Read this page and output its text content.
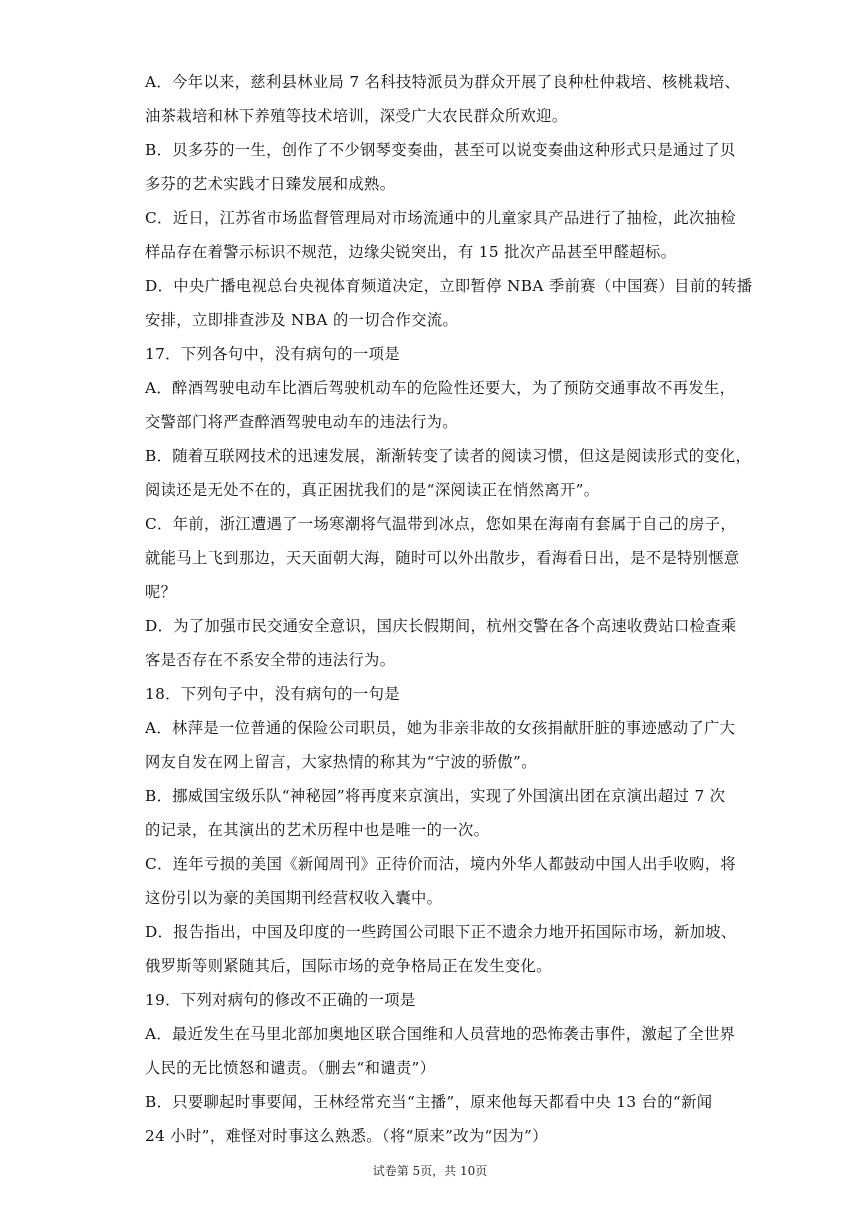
A．今年以来，慈利县林业局 7 名科技特派员为群众开展了良种杜仲栽培、核桃栽培、
油茶栽培和林下养殖等技术培训，深受广大农民群众所欢迎。
B．贝多芬的一生，创作了不少钢琴变奏曲，甚至可以说变奏曲这种形式只是通过了贝
多芬的艺术实践才日臻发展和成熟。
C．近日，江苏省市场监督管理局对市场流通中的儿童家具产品进行了抽检，此次抽检
样品存在着警示标识不规范，边缘尖锐突出，有 15 批次产品甚至甲醛超标。
D．中央广播电视总台央视体育频道决定，立即暂停 NBA 季前赛（中国赛）目前的转播
安排，立即排查涉及 NBA 的一切合作交流。
17．下列各句中，没有病句的一项是
A．醉酒驾驶电动车比酒后驾驶机动车的危险性还要大，为了预防交通事故不再发生，
交警部门将严查醉酒驾驶电动车的违法行为。
B．随着互联网技术的迅速发展，渐渐转变了读者的阅读习惯，但这是阅读形式的变化，
阅读还是无处不在的，真正困扰我们的是“深阅读正在悄然离开”。
C．年前，浙江遭遇了一场寒潮将气温带到冰点，您如果在海南有套属于自己的房子，
就能马上飞到那边，天天面朝大海，随时可以外出散步，看海看日出，是不是特别惬意
呢？
D．为了加强市民交通安全意识，国庆长假期间，杭州交警在各个高速收费站口检查乘
客是否存在不系安全带的违法行为。
18．下列句子中，没有病句的一句是
A．林萍是一位普通的保险公司职员，她为非亲非故的女孩捐献肝脏的事迹感动了广大
网友自发在网上留言，大家热情的称其为“宁波的骄傲”。
B．挪威国宝级乐队“神秘园”将再度来京演出，实现了外国演出团在京演出超过 7 次
的记录，在其演出的艺术历程中也是唯一的一次。
C．连年亏损的美国《新闻周刊》正待价而沽，境内外华人都鼓动中国人出手收购，将
这份引以为豪的美国期刊经营权收入囊中。
D．报告指出，中国及印度的一些跨国公司眼下正不遗余力地开拓国际市场，新加坡、
俄罗斯等则紧随其后，国际市场的竞争格局正在发生变化。
19．下列对病句的修改不正确的一项是
A．最近发生在马里北部加奥地区联合国维和人员营地的恐怖袭击事件，激起了全世界
人民的无比愤怒和谴责。（删去“和谴责”）
B．只要聊起时事要闻，王林经常充当“主播”，原来他每天都看中央 13 台的“新闻
24 小时”，难怪对时事这么熟悉。（将“原来”改为“因为”）
试卷第 5页，共 10页
